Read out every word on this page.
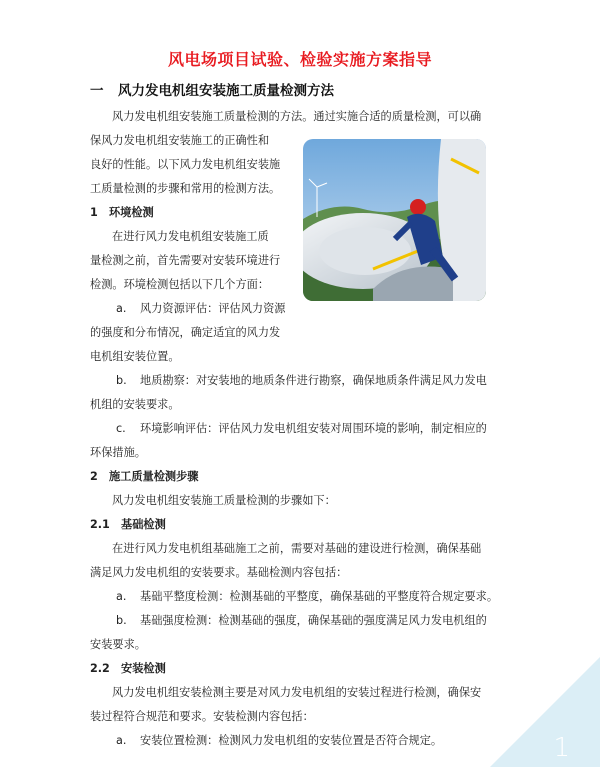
风电场项目试验、检验实施方案指导
一 风力发电机组安装施工质量检测方法
风力发电机组安装施工质量检测的方法。通过实施合适的质量检测，可以确
保风力发电机组安装施工的正确性和
良好的性能。以下风力发电机组安装施
工质量检测的步骤和常用的检测方法。
1　环境检测
在进行风力发电机组安装施工质
量检测之前，首先需要对安装环境进行
检测。环境检测包括以下几个方面：
a. 风力资源评估：评估风力资源
的强度和分布情况，确定适宜的风力发
电机组安装位置。
b. 地质勘察：对安装地的地质条件进行勘察，确保地质条件满足风力发电
机组的安装要求。
c. 环境影响评估：评估风力发电机组安装对周围环境的影响，制定相应的
环保措施。
2　施工质量检测步骤
风力发电机组安装施工质量检测的步骤如下：
2.1　基础检测
在进行风力发电机组基础施工之前，需要对基础的建设进行检测，确保基础
满足风力发电机组的安装要求。基础检测内容包括：
a. 基础平整度检测：检测基础的平整度，确保基础的平整度符合规定要求。
b. 基础强度检测：检测基础的强度，确保基础的强度满足风力发电机组的
安装要求。
2.2　安装检测
风力发电机组安装检测主要是对风力发电机组的安装过程进行检测，确保安
装过程符合规范和要求。安装检测内容包括：
a. 安装位置检测：检测风力发电机组的安装位置是否符合规定。	1
